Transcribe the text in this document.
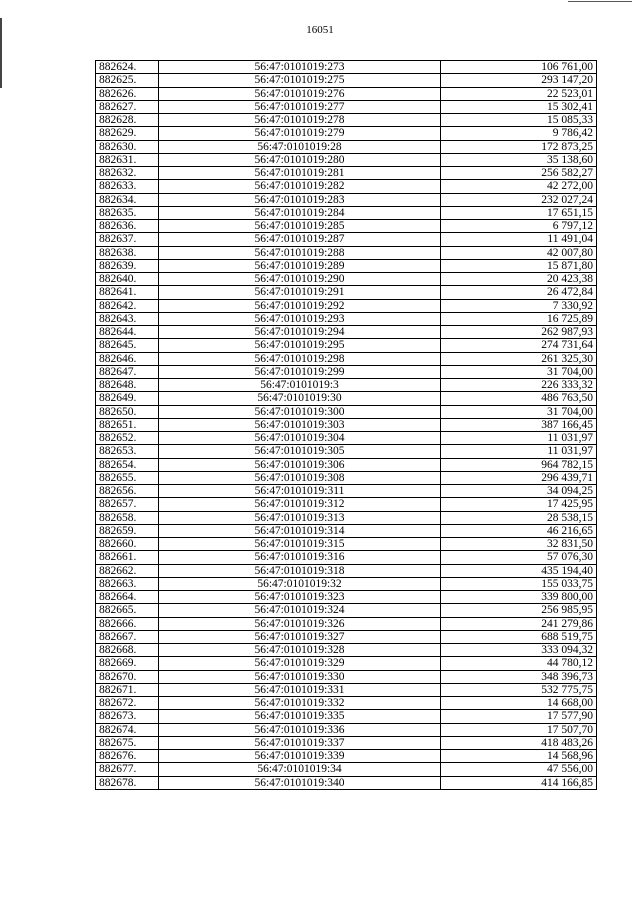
16051
882624.	56:47:0101019:273	106 761,00
882625.	56:47:0101019:275	293 147,20
882626.	56:47:0101019:276	22 523,01
882627.	56:47:0101019:277	15 302,41
882628.	56:47:0101019:278	15 085,33
882629.	56:47:0101019:279	9 786,42
882630.	56:47:0101019:28	172 873,25
882631.	56:47:0101019:280	35 138,60
882632.	56:47:0101019:281	256 582,27
882633.	56:47:0101019:282	42 272,00
882634.	56:47:0101019:283	232 027,24
882635.	56:47:0101019:284	17 651,15
882636.	56:47:0101019:285	6 797,12
882637.	56:47:0101019:287	11 491,04
882638.	56:47:0101019:288	42 007,80
882639.	56:47:0101019:289	15 871,80
882640.	56:47:0101019:290	20 423,38
882641.	56:47:0101019:291	26 472,84
882642.	56:47:0101019:292	7 330,92
882643.	56:47:0101019:293	16 725,89
882644.	56:47:0101019:294	262 987,93
882645.	56:47:0101019:295	274 731,64
882646.	56:47:0101019:298	261 325,30
882647.	56:47:0101019:299	31 704,00
882648.	56:47:0101019:3	226 333,32
882649.	56:47:0101019:30	486 763,50
882650.	56:47:0101019:300	31 704,00
882651.	56:47:0101019:303	387 166,45
882652.	56:47:0101019:304	11 031,97
882653.	56:47:0101019:305	11 031,97
882654.	56:47:0101019:306	964 782,15
882655.	56:47:0101019:308	296 439,71
882656.	56:47:0101019:311	34 094,25
882657.	56:47:0101019:312	17 425,95
882658.	56:47:0101019:313	28 538,15
882659.	56:47:0101019:314	46 216,65
882660.	56:47:0101019:315	32 831,50
882661.	56:47:0101019:316	57 076,30
882662.	56:47:0101019:318	435 194,40
882663.	56:47:0101019:32	155 033,75
882664.	56:47:0101019:323	339 800,00
882665.	56:47:0101019:324	256 985,95
882666.	56:47:0101019:326	241 279,86
882667.	56:47:0101019:327	688 519,75
882668.	56:47:0101019:328	333 094,32
882669.	56:47:0101019:329	44 780,12
882670.	56:47:0101019:330	348 396,73
882671.	56:47:0101019:331	532 775,75
882672.	56:47:0101019:332	14 668,00
882673.	56:47:0101019:335	17 577,90
882674.	56:47:0101019:336	17 507,70
882675.	56:47:0101019:337	418 483,26
882676.	56:47:0101019:339	14 568,96
882677.	56:47:0101019:34	47 556,00
882678.	56:47:0101019:340	414 166,85
